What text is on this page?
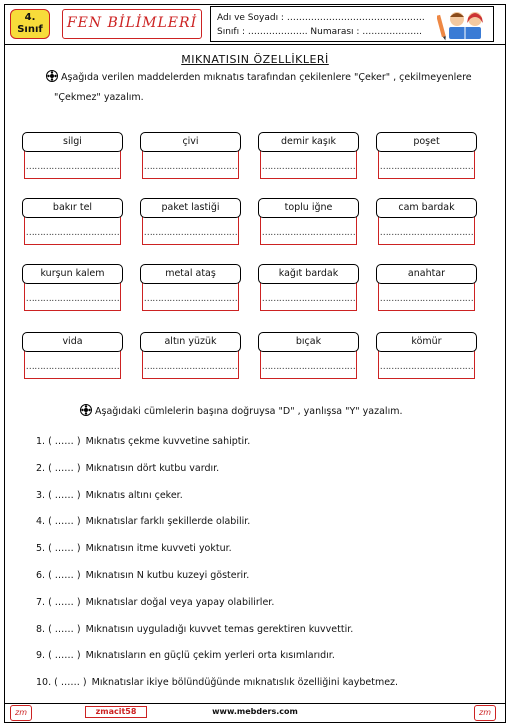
4.
Sınıf	FEN BİLİMLERİ	Adı ve Soyadı : ……………………………………….
Sınıfı : ……………….. Numarası : ………………..
MIKNATISIN ÖZELLİKLERİ
Aşağıda verilen maddelerden mıknatıs tarafından çekilenlere "Çeker" , çekilmeyenlere
"Çekmez" yazalım.
silgi
……………………………
çivi
……………………………
demir kaşık
……………………………
poşet
……………………………
bakır tel
……………………………
paket lastiği
……………………………
toplu iğne
……………………………
cam bardak
……………………………
kurşun kalem
……………………………
metal ataş
……………………………
kağıt bardak
……………………………
anahtar
……………………………
vida
……………………………
altın yüzük
……………………………
bıçak
……………………………
kömür
……………………………
Aşağıdaki cümlelerin başına doğruysa "D" , yanlışsa "Y" yazalım.
1. ( …… ) Mıknatıs çekme kuvvetine sahiptir.
2. ( …… ) Mıknatısın dört kutbu vardır.
3. ( …… ) Mıknatıs altını çeker.
4. ( …… ) Mıknatıslar farklı şekillerde olabilir.
5. ( …… ) Mıknatısın itme kuvveti yoktur.
6. ( …… ) Mıknatısın N kutbu kuzeyi gösterir.
7. ( …… ) Mıknatıslar doğal veya yapay olabilirler.
8. ( …… ) Mıknatısın uyguladığı kuvvet temas gerektiren kuvvettir.
9. ( …… ) Mıknatısların en güçlü çekim yerleri orta kısımlarıdır.
10. ( …… ) Mıknatıslar ikiye bölündüğünde mıknatıslık özelliğini kaybetmez.
zm	zmacit58	www.mebders.com	zm
